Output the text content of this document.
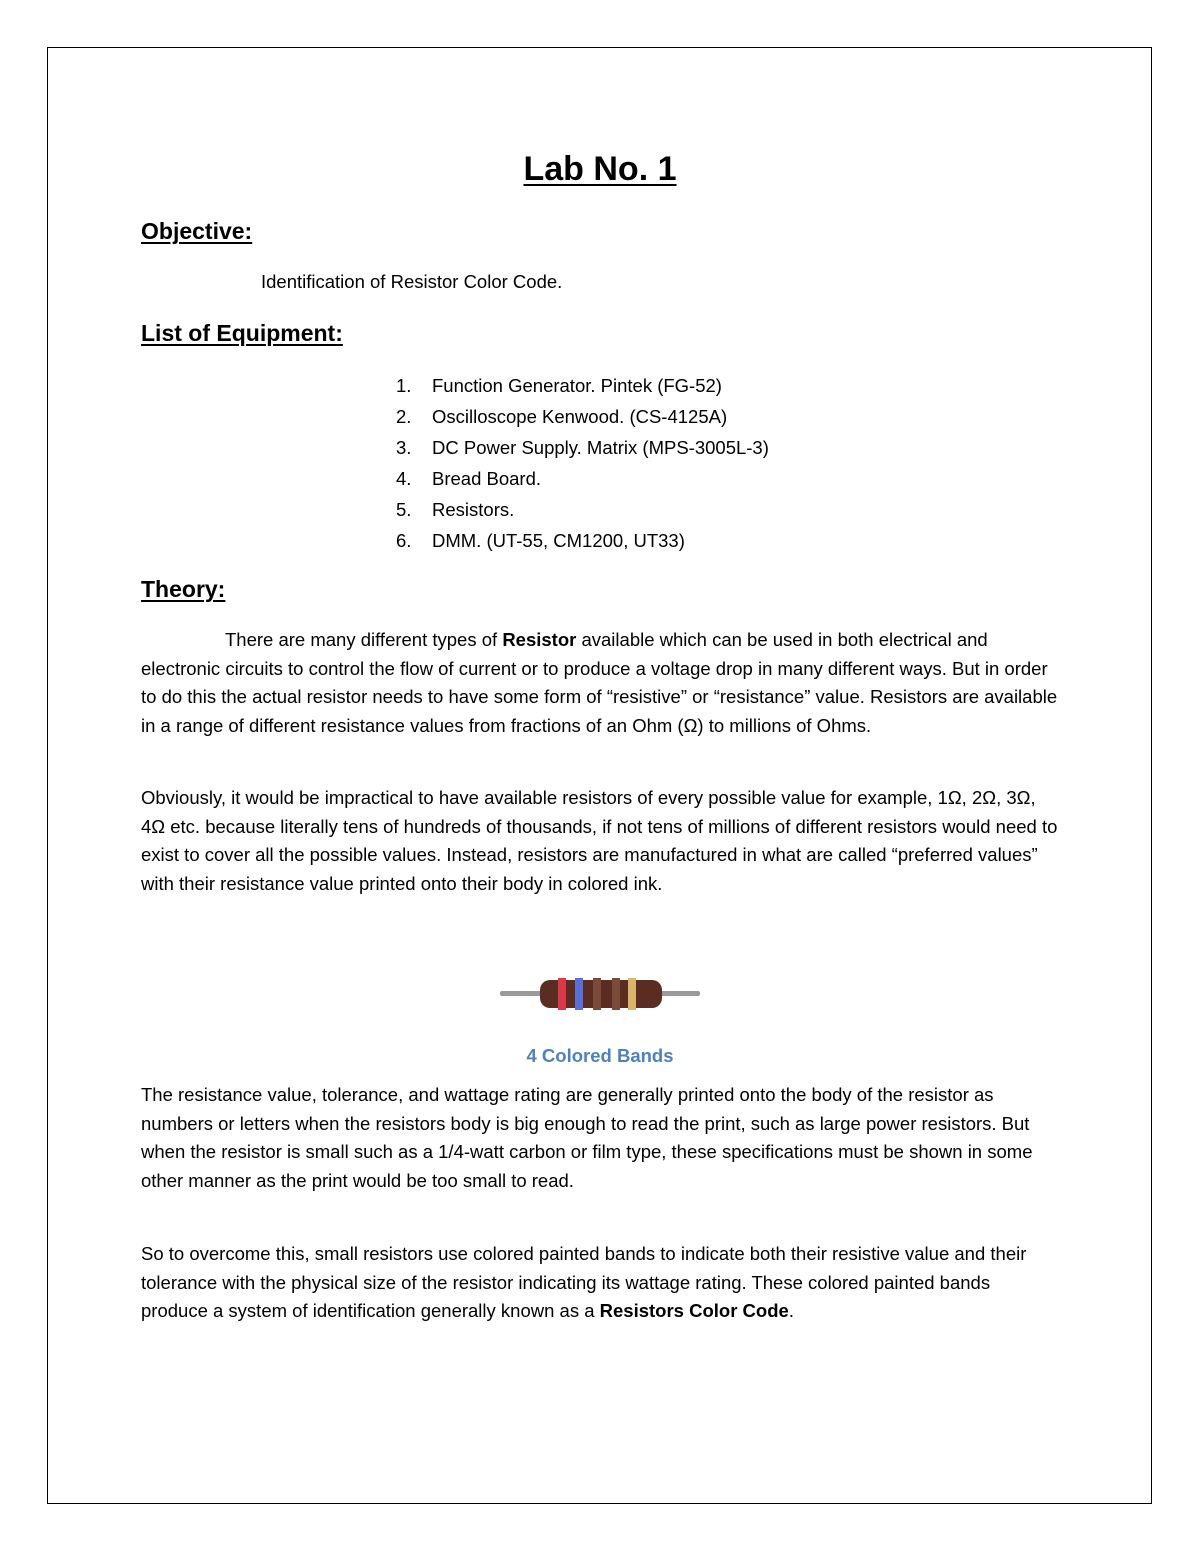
Lab No. 1
Objective:
Identification of Resistor Color Code.
List of Equipment:
1. Function Generator. Pintek (FG-52)
2. Oscilloscope Kenwood. (CS-4125A)
3. DC Power Supply. Matrix (MPS-3005L-3)
4. Bread Board.
5. Resistors.
6. DMM. (UT-55, CM1200, UT33)
Theory:

There are many different types of Resistor available which can be used in both electrical and electronic circuits to control the flow of current or to produce a voltage drop in many different ways. But in order to do this the actual resistor needs to have some form of “resistive” or “resistance” value. Resistors are available in a range of different resistance values from fractions of an Ohm (Ω) to millions of Ohms.

Obviously, it would be impractical to have available resistors of every possible value for example, 1Ω, 2Ω, 3Ω, 4Ω etc. because literally tens of hundreds of thousands, if not tens of millions of different resistors would need to exist to cover all the possible values. Instead, resistors are manufactured in what are called “preferred values” with their resistance value printed onto their body in colored ink.

4 Colored Bands

The resistance value, tolerance, and wattage rating are generally printed onto the body of the resistor as numbers or letters when the resistors body is big enough to read the print, such as large power resistors. But when the resistor is small such as a 1/4-watt carbon or film type, these specifications must be shown in some other manner as the print would be too small to read.

So to overcome this, small resistors use colored painted bands to indicate both their resistive value and their tolerance with the physical size of the resistor indicating its wattage rating. These colored painted bands produce a system of identification generally known as a Resistors Color Code.
